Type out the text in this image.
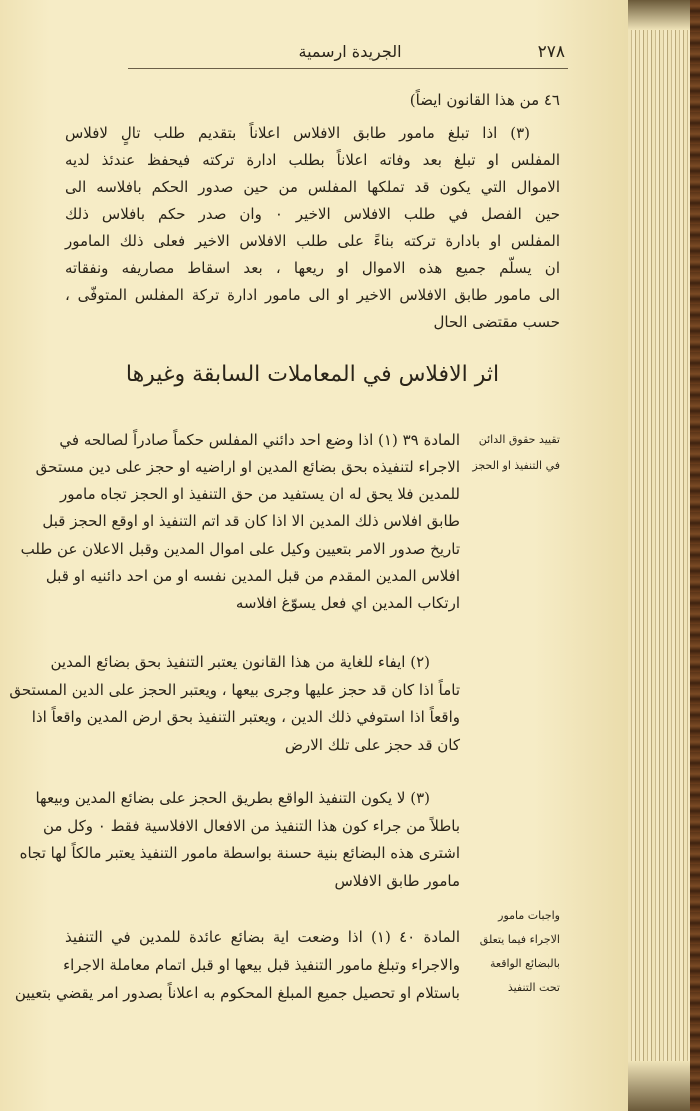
٢٧٨
الجريدة ارسمية
٤٦ من هذا القانون ايضاً)
(٣) اذا تبلغ مامور طابق الافلاس اعلاناً بتقديم طلب تالٍ لافلاس
المفلس او تبلغ بعد وفاته اعلاناً بطلب ادارة تركته فيحفظ عندئذ لديه
الاموال التي يكون قد تملكها المفلس من حين صدور الحكم بافلاسه الى
حين الفصل في طلب الافلاس الاخير ٠ وان صدر حكم بافلاس ذلك
المفلس او بادارة تركته بناءً على طلب الافلاس الاخير فعلى ذلك المامور
ان يسلّم جميع هذه الاموال او ريعها ، بعد اسقاط مصاريفه ونفقاته
الى مامور طابق الافلاس الاخير او الى مامور ادارة تركة المفلس المتوفّى ،
حسب مقتضى الحال
اثر الافلاس في المعاملات السابقة وغيرها
تقييد حقوق الدائن
في التنفيذ او الحجز
المادة ٣٩ (١) اذا وضع احد دائني المفلس حكماً صادراً لصالحه في
الاجراء لتنفيذه بحق بضائع المدين او اراضيه او حجز على دين مستحق
للمدين فلا يحق له ان يستفيد من حق التنفيذ او الحجز تجاه مامور
طابق افلاس ذلك المدين الا اذا كان قد اتم التنفيذ او اوقع الحجز قبل
تاريخ صدور الامر بتعيين وكيل على اموال المدين وقبل الاعلان عن طلب
افلاس المدين المقدم من قبل المدين نفسه او من احد دائنيه او قبل
ارتكاب المدين اي فعل يسوّغ افلاسه
(٢) ايفاء للغاية من هذا القانون يعتبر التنفيذ بحق بضائع المدين
تاماً اذا كان قد حجز عليها وجرى بيعها ، ويعتبر الحجز على الدين المستحق
واقعاً اذا استوفي ذلك الدين ، ويعتبر التنفيذ بحق ارض المدين واقعاً اذا
كان قد حجز على تلك الارض
(٣) لا يكون التنفيذ الواقع بطريق الحجز على بضائع المدين وبيعها
باطلاً من جراء كون هذا التنفيذ من الافعال الافلاسية فقط ٠ وكل من
اشترى هذه البضائع بنية حسنة بواسطة مامور التنفيذ يعتبر مالكاً لها تجاه
مامور طابق الافلاس
واجبات مامور
الاجراء فيما يتعلق
بالبضائع الواقعة
تحت التنفيذ
المادة ٤٠ (١) اذا وضعت اية بضائع عائدة للمدين في التنفيذ
والاجراء وتبلغ مامور التنفيذ قبل بيعها او قبل اتمام معاملة الاجراء
باستلام او تحصيل جميع المبلغ المحكوم به اعلاناً بصدور امر يقضي بتعيين
